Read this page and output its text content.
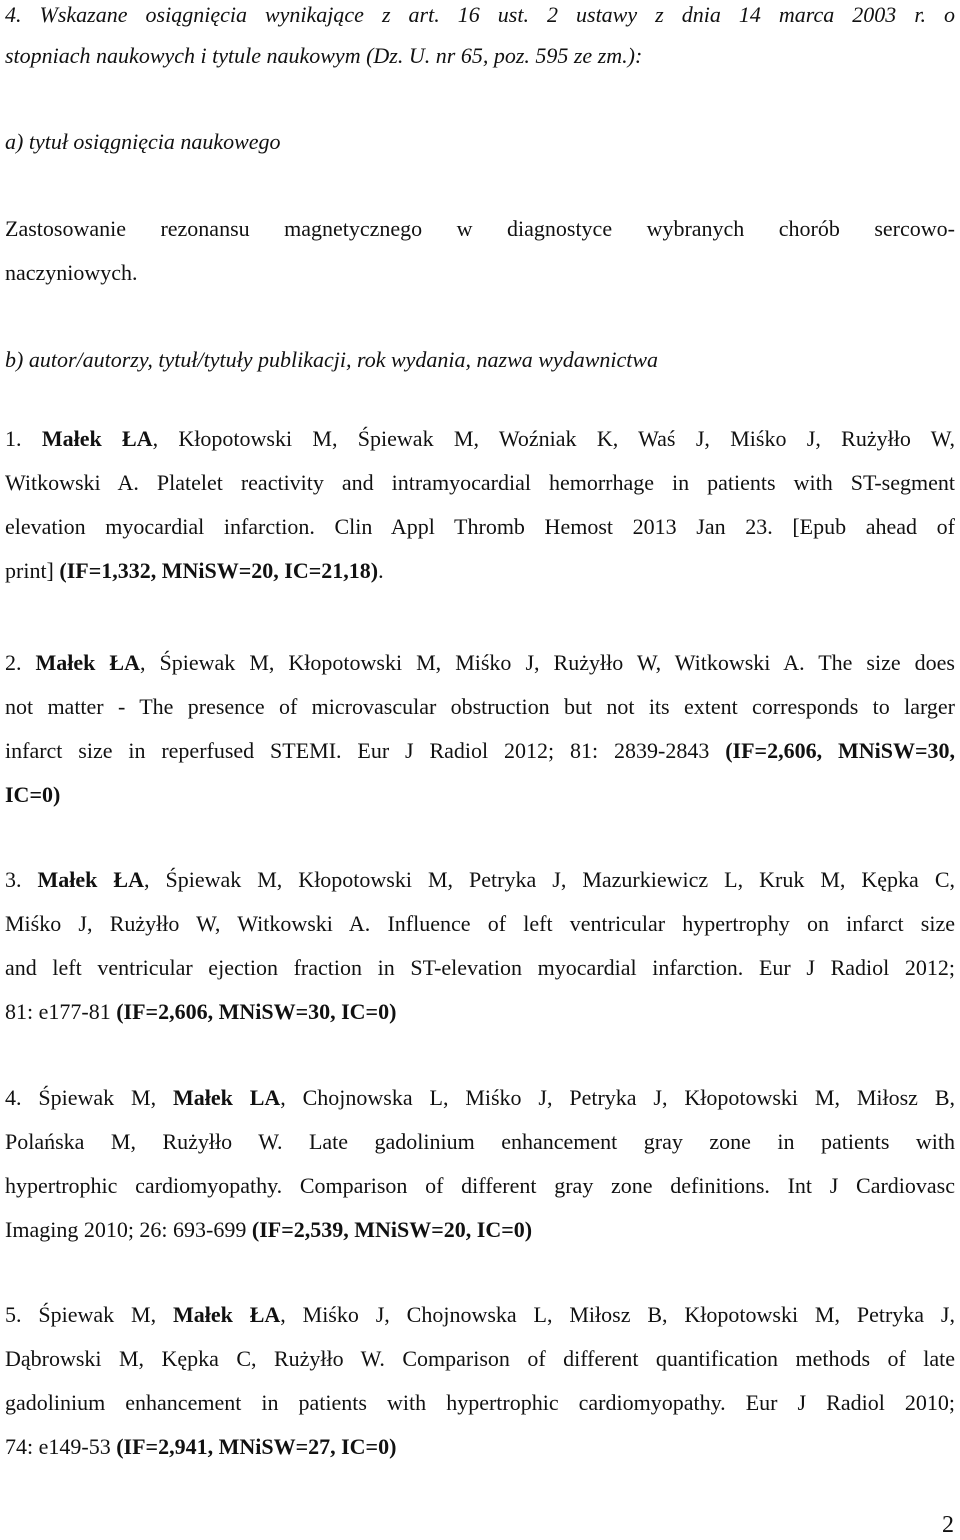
4. Wskazane osiągnięcia wynikające z art. 16 ust. 2 ustawy z dnia 14 marca 2003 r. o

stopniach naukowych i tytule naukowym (Dz. U. nr 65, poz. 595 ze zm.):

a) tytuł osiągnięcia naukowego

Zastosowanie rezonansu magnetycznego w diagnostyce wybranych chorób sercowo-

naczyniowych.

b) autor/autorzy, tytuł/tytuły publikacji, rok wydania, nazwa wydawnictwa

1. Małek ŁA, Kłopotowski M, Śpiewak M, Woźniak K, Waś J, Miśko J, Rużyłło W,

Witkowski A. Platelet reactivity and intramyocardial hemorrhage in patients with ST-segment

elevation myocardial infarction. Clin Appl Thromb Hemost 2013 Jan 23. [Epub ahead of

print] (IF=1,332, MNiSW=20, IC=21,18).

2. Małek ŁA, Śpiewak M, Kłopotowski M, Miśko J, Rużyłło W, Witkowski A. The size does

not matter - The presence of microvascular obstruction but not its extent corresponds to larger

infarct size in reperfused STEMI. Eur J Radiol 2012; 81: 2839-2843 (IF=2,606, MNiSW=30,

IC=0)

3. Małek ŁA, Śpiewak M, Kłopotowski M, Petryka J, Mazurkiewicz L, Kruk M, Kępka C,

Miśko J, Rużyłło W, Witkowski A. Influence of left ventricular hypertrophy on infarct size

and left ventricular ejection fraction in ST-elevation myocardial infarction. Eur J Radiol 2012;

81: e177-81 (IF=2,606, MNiSW=30, IC=0)

4. Śpiewak M, Małek LA, Chojnowska L, Miśko J, Petryka J, Kłopotowski M, Miłosz B,

Polańska M, Rużyłło W. Late gadolinium enhancement gray zone in patients with

hypertrophic cardiomyopathy. Comparison of different gray zone definitions. Int J Cardiovasc

Imaging 2010; 26: 693-699 (IF=2,539, MNiSW=20, IC=0)

5. Śpiewak M, Małek ŁA, Miśko J, Chojnowska L, Miłosz B, Kłopotowski M, Petryka J,

Dąbrowski M, Kępka C, Rużyłło W. Comparison of different quantification methods of late

gadolinium enhancement in patients with hypertrophic cardiomyopathy. Eur J Radiol 2010;

74: e149-53 (IF=2,941, MNiSW=27, IC=0)

2
